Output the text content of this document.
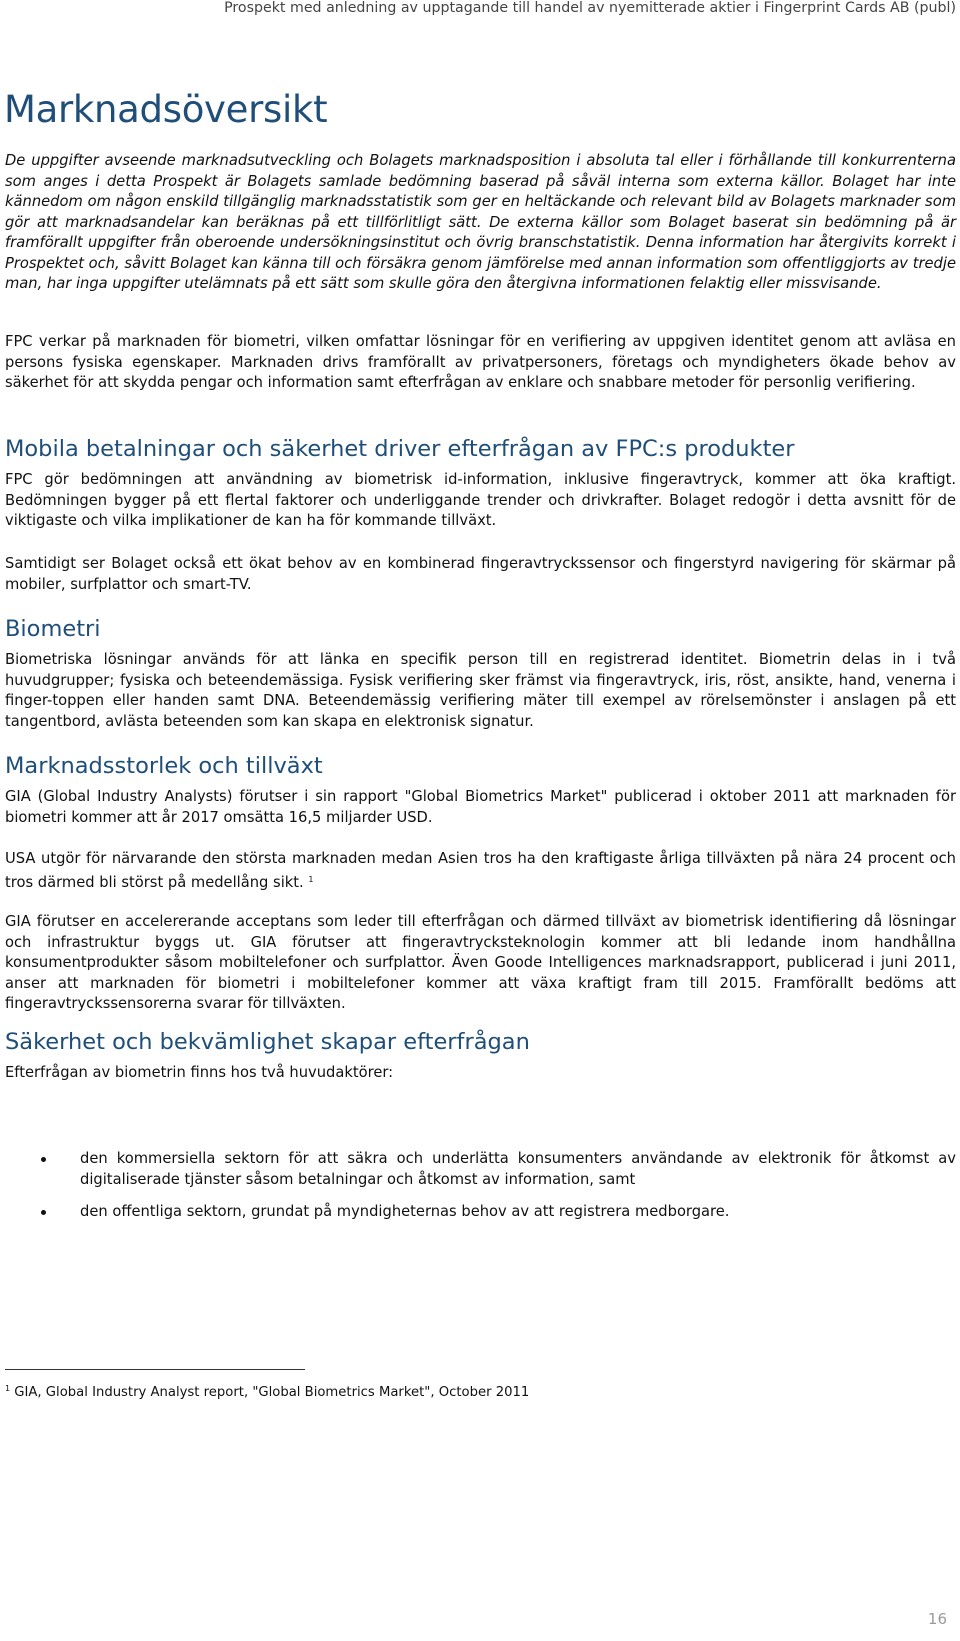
Prospekt med anledning av upptagande till handel av nyemitterade aktier i Fingerprint Cards AB (publ)
Marknadsöversikt

De uppgifter avseende marknadsutveckling och Bolagets marknadsposition i absoluta tal eller i förhållande till konkurrenterna som anges i detta Prospekt är Bolagets samlade bedömning baserad på såväl interna som externa källor. Bolaget har inte kännedom om någon enskild tillgänglig marknadsstatistik som ger en heltäckande och relevant bild av Bolagets marknader som gör att marknadsandelar kan beräknas på ett tillförlitligt sätt. De externa källor som Bolaget baserat sin bedömning på är framförallt uppgifter från oberoende undersökningsinstitut och övrig branschstatistik. Denna information har återgivits korrekt i Prospektet och, såvitt Bolaget kan känna till och försäkra genom jämförelse med annan information som offentliggjorts av tredje man, har inga uppgifter utelämnats på ett sätt som skulle göra den återgivna informationen felaktig eller missvisande.

FPC verkar på marknaden för biometri, vilken omfattar lösningar för en verifiering av uppgiven identitet genom att avläsa en persons fysiska egenskaper. Marknaden drivs framförallt av privatpersoners, företags och myndigheters ökade behov av säkerhet för att skydda pengar och information samt efterfrågan av enklare och snabbare metoder för personlig verifiering.

Mobila betalningar och säkerhet driver efterfrågan av FPC:s produkter

FPC gör bedömningen att användning av biometrisk id-information, inklusive fingeravtryck, kommer att öka kraftigt. Bedömningen bygger på ett flertal faktorer och underliggande trender och drivkrafter. Bolaget redogör i detta avsnitt för de viktigaste och vilka implikationer de kan ha för kommande tillväxt.

Samtidigt ser Bolaget också ett ökat behov av en kombinerad fingeravtryckssensor och fingerstyrd navigering för skärmar på mobiler, surfplattor och smart-TV.

Biometri

Biometriska lösningar används för att länka en specifik person till en registrerad identitet. Biometrin delas in i två huvudgrupper; fysiska och beteendemässiga. Fysisk verifiering sker främst via fingeravtryck, iris, röst, ansikte, hand, venerna i finger-toppen eller handen samt DNA. Beteendemässig verifiering mäter till exempel av rörelsemönster i anslagen på ett tangentbord, avlästa beteenden som kan skapa en elektronisk signatur.

Marknadsstorlek och tillväxt

GIA (Global Industry Analysts) förutser i sin rapport "Global Biometrics Market" publicerad i oktober 2011 att marknaden för biometri kommer att år 2017 omsätta 16,5 miljarder USD.

USA utgör för närvarande den största marknaden medan Asien tros ha den kraftigaste årliga tillväxten på nära 24 procent och tros därmed bli störst på medellång sikt. $^1$

GIA förutser en accelererande acceptans som leder till efterfrågan och därmed tillväxt av biometrisk identifiering då lösningar och infrastruktur byggs ut. GIA förutser att fingeravtrycksteknologin kommer att bli ledande inom handhållna konsumentprodukter såsom mobiltelefoner och surfplattor. Även Goode Intelligences marknadsrapport, publicerad i juni 2011, anser att marknaden för biometri i mobiltelefoner kommer att växa kraftigt fram till 2015. Framförallt bedöms att fingeravtryckssensorerna svarar för tillväxten.

Säkerhet och bekvämlighet skapar efterfrågan

Efterfrågan av biometrin finns hos två huvudaktörer:

den kommersiella sektorn för att säkra och underlätta konsumenters användande av elektronik för åtkomst av digitaliserade tjänster såsom betalningar och åtkomst av information, samt
den offentliga sektorn, grundat på myndigheternas behov av att registrera medborgare.

$^1$ GIA, Global Industry Analyst report, "Global Biometrics Market", October 2011

16
